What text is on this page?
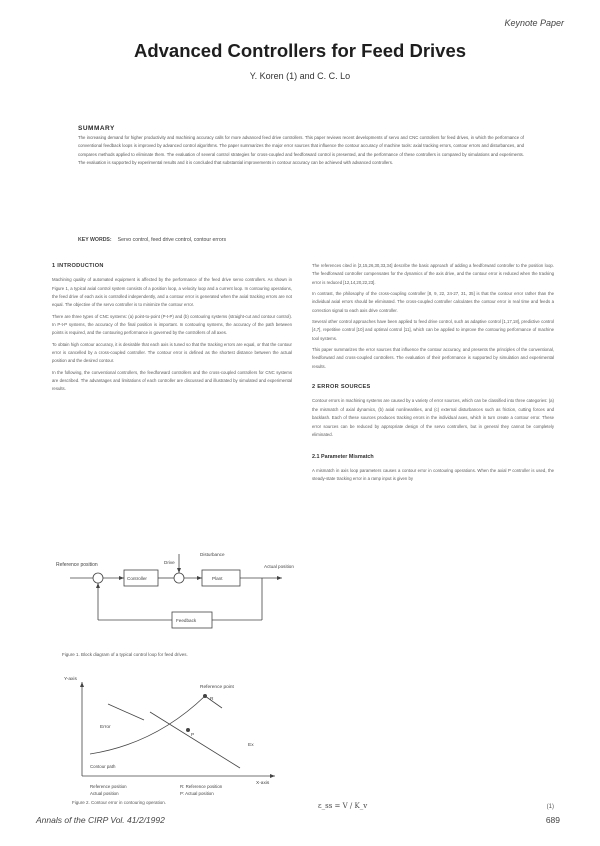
Keynote Paper
Advanced Controllers for Feed Drives
Y. Koren (1) and C. C. Lo
SUMMARY
The increasing demand for higher productivity and machining accuracy calls for more advanced feed drive controllers. This paper reviews recent developments of servo and CNC controllers for feed drives, in which the performance of conventional feedback loops is improved by advanced control algorithms. The paper summarizes the major error sources that influence the contour accuracy of machine tools: axial tracking errors, contour errors and disturbances, and compares methods applied to eliminate them. The evaluation of several control strategies for cross-coupled and feedforward control is presented, and the performance of these controllers is compared by simulations and experiments. The evaluation is supported by experimental results and it is concluded that substantial improvements in contour accuracy can be achieved with advanced controllers.
KEY WORDS: Servo control, feed drive control, contour errors
1 INTRODUCTION
Machining quality of automated equipment is affected by the performance of the feed drive servo controllers. As shown in Figure 1, a typical axial control system consists of a position loop, a velocity loop and a current loop. In contouring operations, the feed drive of each axis is controlled independently, and a contour error is generated when the axial tracking errors are not equal. The objective of the servo controller is to minimize the contour error.
There are three types of CNC systems: (a) point-to-point (P-t-P) and (b) contouring systems (straight-cut and contour control). In P-t-P systems, the accuracy of the final position is important. In contouring systems, the accuracy of the path between points is required, and the contouring performance is governed by the controllers of all axes.
To obtain high contour accuracy, it is desirable that each axis is tuned so that the tracking errors are equal, or that the contour error is cancelled by a cross-coupled controller. The contour error is defined as the shortest distance between the actual position and the desired contour.
In the following, the conventional controllers, the feedforward controllers and the cross-coupled controllers for CNC systems are described. The advantages and limitations of each controller are discussed and illustrated by simulated and experimental results.
Reference position
Controller	Plant
Drive
Disturbance
Actual position
Feedback
Figure 1. Block diagram of a typical control loop for feed drives.
Y-axis
X-axis
Reference point
R
P
Error
Ex
Contour path
Reference position
Actual position
R: Reference position
P: Actual position
Figure 2. Contour error in contouring operation.
The references cited in [2,15,26,30,33,34] describe the basic approach of adding a feedforward controller to the position loop. The feedforward controller compensates for the dynamics of the axis drive, and the contour error is reduced when the tracking error is reduced [12,14,20,22,23].
In contrast, the philosophy of the cross-coupling controller [8, 9, 22, 24-27, 31, 35] is that the contour error rather than the individual axial errors should be eliminated. The cross-coupled controller calculates the contour error in real time and feeds a correction signal to each axis drive controller.
Several other control approaches have been applied to feed drive control, such as adaptive control [1,17,18], predictive control [4,7], repetitive control [10] and optimal control [11], which can be applied to improve the contouring performance of machine tool systems.
This paper summarizes the error sources that influence the contour accuracy, and presents the principles of the conventional, feedforward and cross-coupled controllers. The evaluation of their performance is supported by simulation and experimental results.
2 ERROR SOURCES
Contour errors in machining systems are caused by a variety of error sources, which can be classified into three categories: (a) the mismatch of axial dynamics, (b) axial nonlinearities, and (c) external disturbances such as friction, cutting forces and backlash. Each of these sources produces tracking errors in the individual axes, which in turn create a contour error. These error sources can be reduced by appropriate design of the servo controllers, but in general they cannot be completely eliminated.
2.1 Parameter Mismatch
A mismatch in axis loop parameters causes a contour error in contouring operations. When the axial P controller is used, the steady-state tracking error in a ramp input is given by
ε_ss = V / K_v	(1)
Annals of the CIRP Vol. 41/2/1992	689
